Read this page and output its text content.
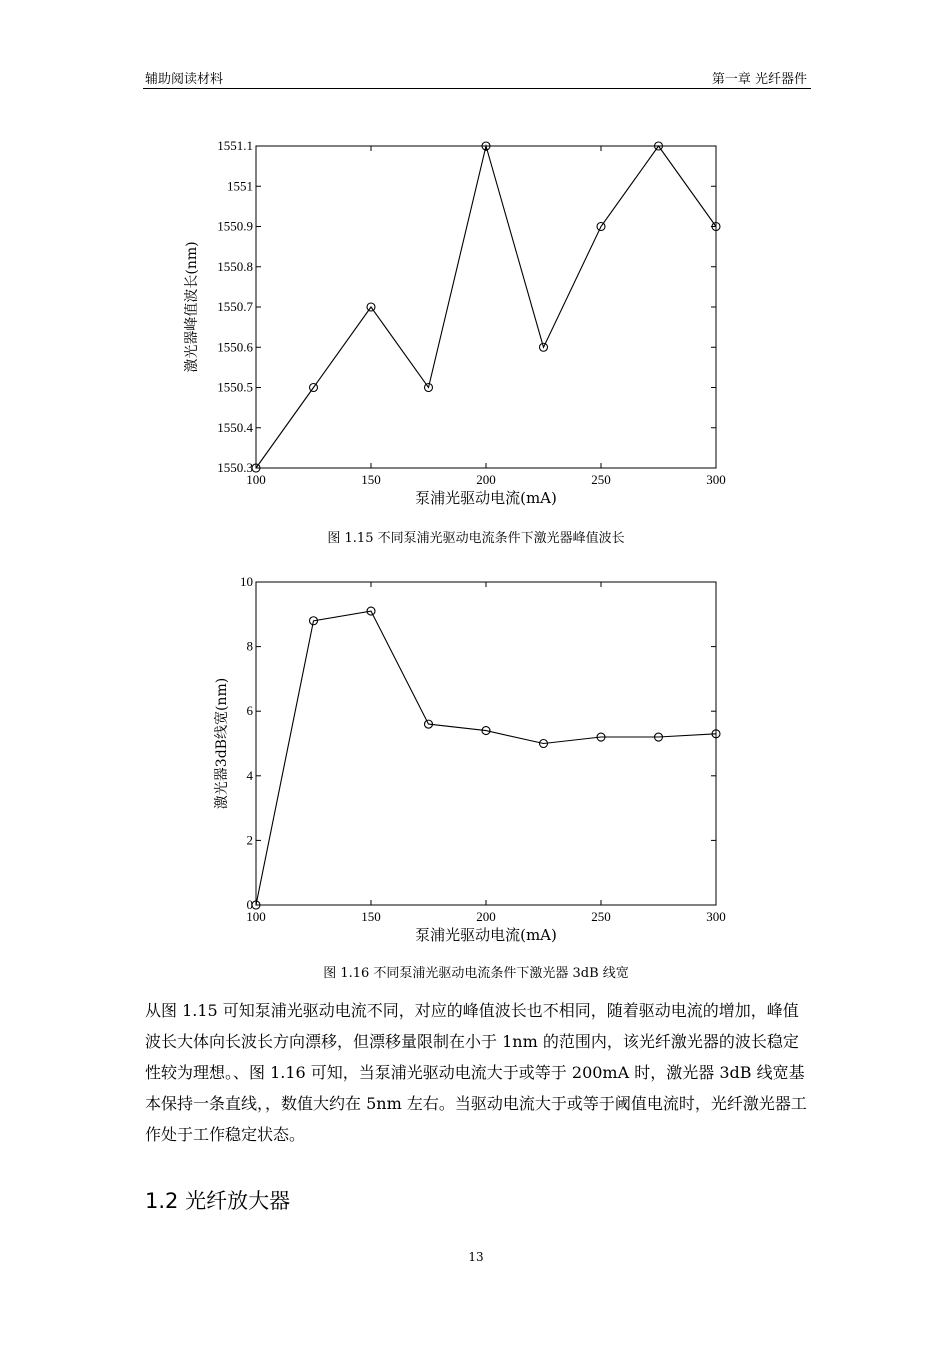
辅助阅读材料	第一章 光纤器件
100	150	200	250	300
1550.3
1550.4
1550.5
1550.6
1550.7
1550.8
1550.9
1551
1551.1
泵浦光驱动电流(mA)
激光器峰值波长(nm)
图 1.15 不同泵浦光驱动电流条件下激光器峰值波长
100	150	200	250	300
0
2
4
6
8
10
泵浦光驱动电流(mA)
激光器3dB线宽(nm)
图 1.16 不同泵浦光驱动电流条件下激光器 3dB 线宽

从图 1.15 可知泵浦光驱动电流不同，对应的峰值波长也不相同，随着驱动电流的增加，峰值波长大体向长波长方向漂移，但漂移量限制在小于 1nm 的范围内，该光纤激光器的波长稳定性较为理想。、图 1.16 可知，当泵浦光驱动电流大于或等于 200mA 时，激光器 3dB 线宽基本保持一条直线，，数值大约在 5nm 左右。当驱动电流大于或等于阈值电流时，光纤激光器工作处于工作稳定状态。

1.2 光纤放大器
13
